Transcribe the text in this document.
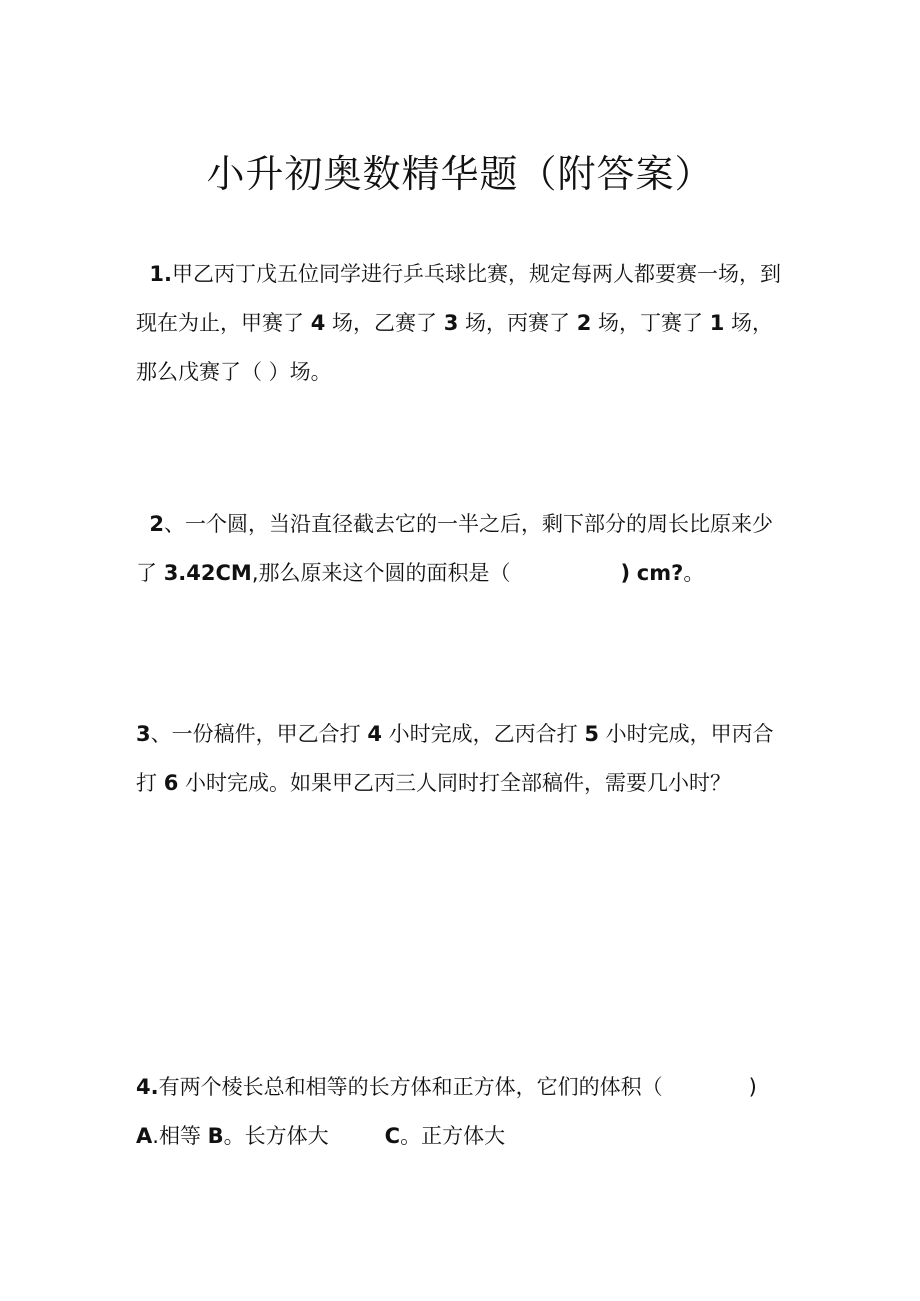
小升初奥数精华题（附答案）
1.甲乙丙丁戊五位同学进行乒乓球比赛，规定每两人都要赛一场，到
现在为止，甲赛了 4 场，乙赛了 3 场，丙赛了 2 场，丁赛了 1 场，
那么戊赛了（ ）场。
2、一个圆，当沿直径截去它的一半之后，剩下部分的周长比原来少
了 3.42CM,那么原来这个圆的面积是（	) cm?。
3、一份稿件，甲乙合打 4 小时完成，乙丙合打 5 小时完成，甲丙合
打 6 小时完成。如果甲乙丙三人同时打全部稿件，需要几小时？
4.有两个棱长总和相等的长方体和正方体，它们的体积（	)
A.相等 B。长方体大	C。正方体大
